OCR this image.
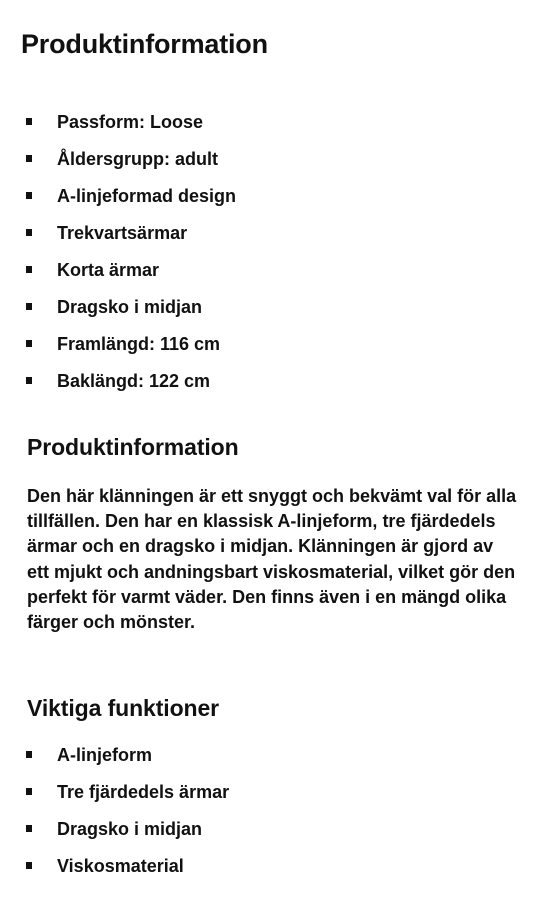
Produktinformation
Passform: Loose
Åldersgrupp: adult
A-linjeformad design
Trekvartsärmar
Korta ärmar
Dragsko i midjan
Framlängd: 116 cm
Baklängd: 122 cm
Produktinformation

Den här klänningen är ett snyggt och bekvämt val för alla tillfällen. Den har en klassisk A-linjeform, tre fjärdedels ärmar och en dragsko i midjan. Klänningen är gjord av ett mjukt och andningsbart viskosmaterial, vilket gör den perfekt för varmt väder. Den finns även i en mängd olika färger och mönster.

Viktiga funktioner
A-linjeform
Tre fjärdedels ärmar
Dragsko i midjan
Viskosmaterial
